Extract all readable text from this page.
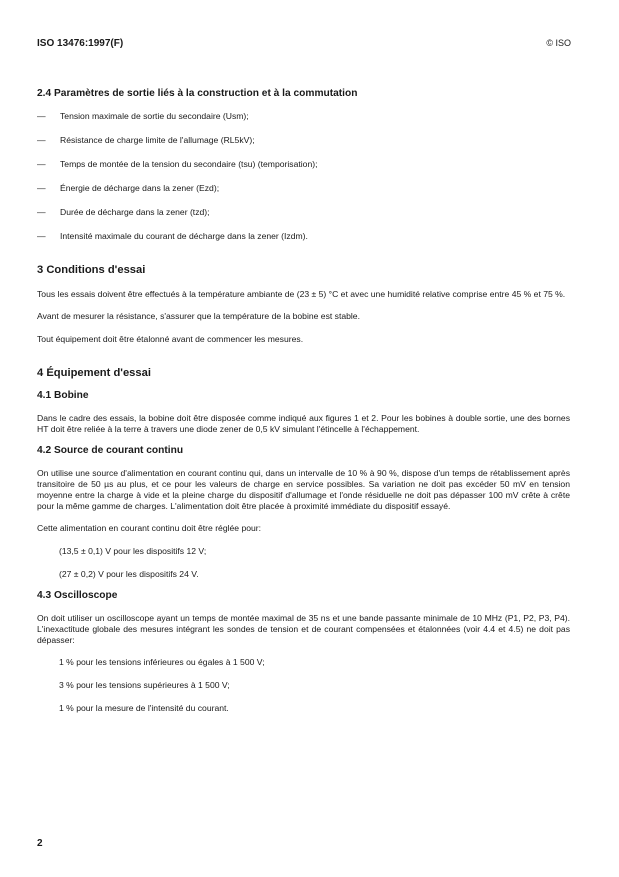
ISO 13476:1997(F)	© ISO
2.4 Paramètres de sortie liés à la construction et à la commutation
— Tension maximale de sortie du secondaire (Usm);
— Résistance de charge limite de l'allumage (RL5kV);
— Temps de montée de la tension du secondaire (tsu) (temporisation);
— Énergie de décharge dans la zener (Ezd);
— Durée de décharge dans la zener (tzd);
— Intensité maximale du courant de décharge dans la zener (Izdm).
3 Conditions d'essai

Tous les essais doivent être effectués à la température ambiante de (23 ± 5) °C et avec une humidité relative comprise entre 45 % et 75 %.

Avant de mesurer la résistance, s'assurer que la température de la bobine est stable.

Tout équipement doit être étalonné avant de commencer les mesures.

4 Équipement d'essai
4.1 Bobine

Dans le cadre des essais, la bobine doit être disposée comme indiqué aux figures 1 et 2. Pour les bobines à double sortie, une des bornes HT doit être reliée à la terre à travers une diode zener de 0,5 kV simulant l'étincelle à l'échappement.

4.2 Source de courant continu

On utilise une source d'alimentation en courant continu qui, dans un intervalle de 10 % à 90 %, dispose d'un temps de rétablissement après transitoire de 50 µs au plus, et ce pour les valeurs de charge en service possibles. Sa variation ne doit pas excéder 50 mV en tension moyenne entre la charge à vide et la pleine charge du dispositif d'allumage et l'onde résiduelle ne doit pas dépasser 100 mV crête à crête pour la même gamme de charges. L'alimentation doit être placée à proximité immédiate du dispositif essayé.

Cette alimentation en courant continu doit être réglée pour:

(13,5 ± 0,1) V pour les dispositifs 12 V;

(27 ± 0,2) V pour les dispositifs 24 V.

4.3 Oscilloscope

On doit utiliser un oscilloscope ayant un temps de montée maximal de 35 ns et une bande passante minimale de 10 MHz (P1, P2, P3, P4). L'inexactitude globale des mesures intégrant les sondes de tension et de courant compensées et étalonnées (voir 4.4 et 4.5) ne doit pas dépasser:

1 % pour les tensions inférieures ou égales à 1 500 V;

3 % pour les tensions supérieures à 1 500 V;

1 % pour la mesure de l'intensité du courant.

2
